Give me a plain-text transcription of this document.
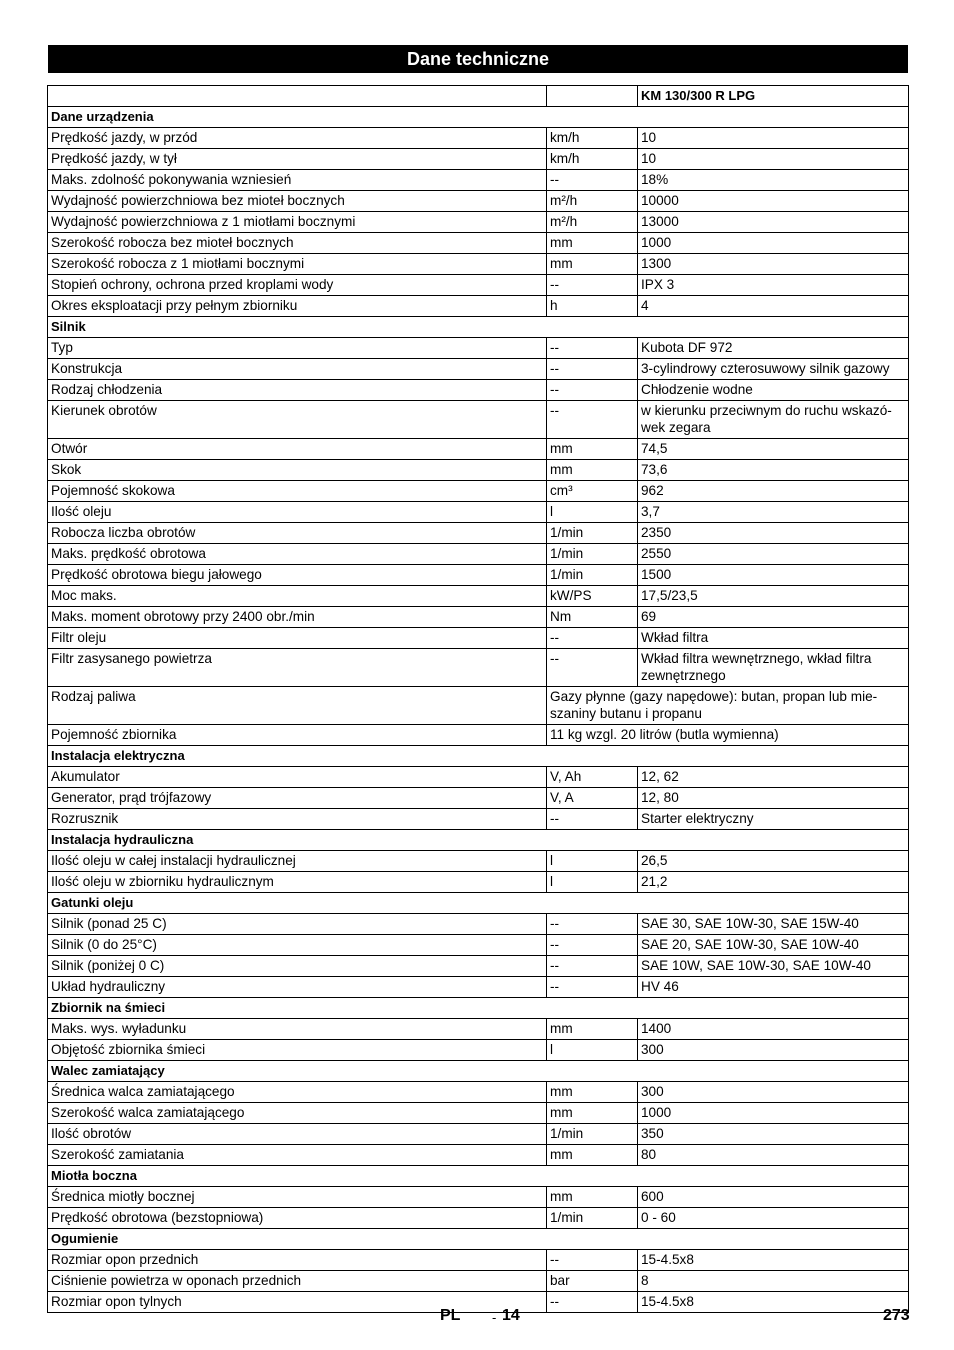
Dane techniczne
		KM 130/300 R LPG
Dane urządzenia		
Prędkość jazdy, w przód	km/h	10
Prędkość jazdy, w tył	km/h	10
Maks. zdolność pokonywania wzniesień	--	18%
Wydajność powierzchniowa bez mioteł bocznych	m²/h	10000
Wydajność powierzchniowa z 1 miotłami bocznymi	m²/h	13000
Szerokość robocza bez mioteł bocznych	mm	1000
Szerokość robocza z 1 miotłami bocznymi	mm	1300
Stopień ochrony, ochrona przed kroplami wody	--	IPX 3
Okres eksploatacji przy pełnym zbiorniku	h	4
Silnik		
Typ	--	Kubota DF 972
Konstrukcja	--	3-cylindrowy czterosuwowy silnik gazowy
Rodzaj chłodzenia	--	Chłodzenie wodne
Kierunek obrotów	--	w kierunku przeciwnym do ruchu wskazó-wek zegara
Otwór	mm	74,5
Skok	mm	73,6
Pojemność skokowa	cm³	962
Ilość oleju	l	3,7
Robocza liczba obrotów	1/min	2350
Maks. prędkość obrotowa	1/min	2550
Prędkość obrotowa biegu jałowego	1/min	1500
Moc maks.	kW/PS	17,5/23,5
Maks. moment obrotowy przy 2400 obr./min	Nm	69
Filtr oleju	--	Wkład filtra
Filtr zasysanego powietrza	--	Wkład filtra wewnętrznego, wkład filtra zewnętrznego
Rodzaj paliwa	Gazy płynne (gazy napędowe): butan, propan lub mie-szaniny butanu i propanu	
Pojemność zbiornika	11 kg wzgl. 20 litrów (butla wymienna)	
Instalacja elektryczna		
Akumulator	V, Ah	12, 62
Generator, prąd trójfazowy	V, A	12, 80
Rozrusznik	--	Starter elektryczny
Instalacja hydrauliczna		
Ilość oleju w całej instalacji hydraulicznej	l	26,5
Ilość oleju w zbiorniku hydraulicznym	l	21,2
Gatunki oleju		
Silnik (ponad 25 C)	--	SAE 30, SAE 10W-30, SAE 15W-40
Silnik (0 do 25°C)	--	SAE 20, SAE 10W-30, SAE 10W-40
Silnik (poniżej 0 C)	--	SAE 10W, SAE 10W-30, SAE 10W-40
Układ hydrauliczny	--	HV 46
Zbiornik na śmieci		
Maks. wys. wyładunku	mm	1400
Objętość zbiornika śmieci	l	300
Walec zamiatający		
Średnica walca zamiatającego	mm	300
Szerokość walca zamiatającego	mm	1000
Ilość obrotów	1/min	350
Szerokość zamiatania	mm	80
Miotła boczna		
Średnica miotły bocznej	mm	600
Prędkość obrotowa (bezstopniowa)	1/min	0 - 60
Ogumienie		
Rozmiar opon przednich	--	15-4.5x8
Ciśnienie powietrza w oponach przednich	bar	8
Rozmiar opon tylnych	--	15-4.5x8
PL - 14	273
